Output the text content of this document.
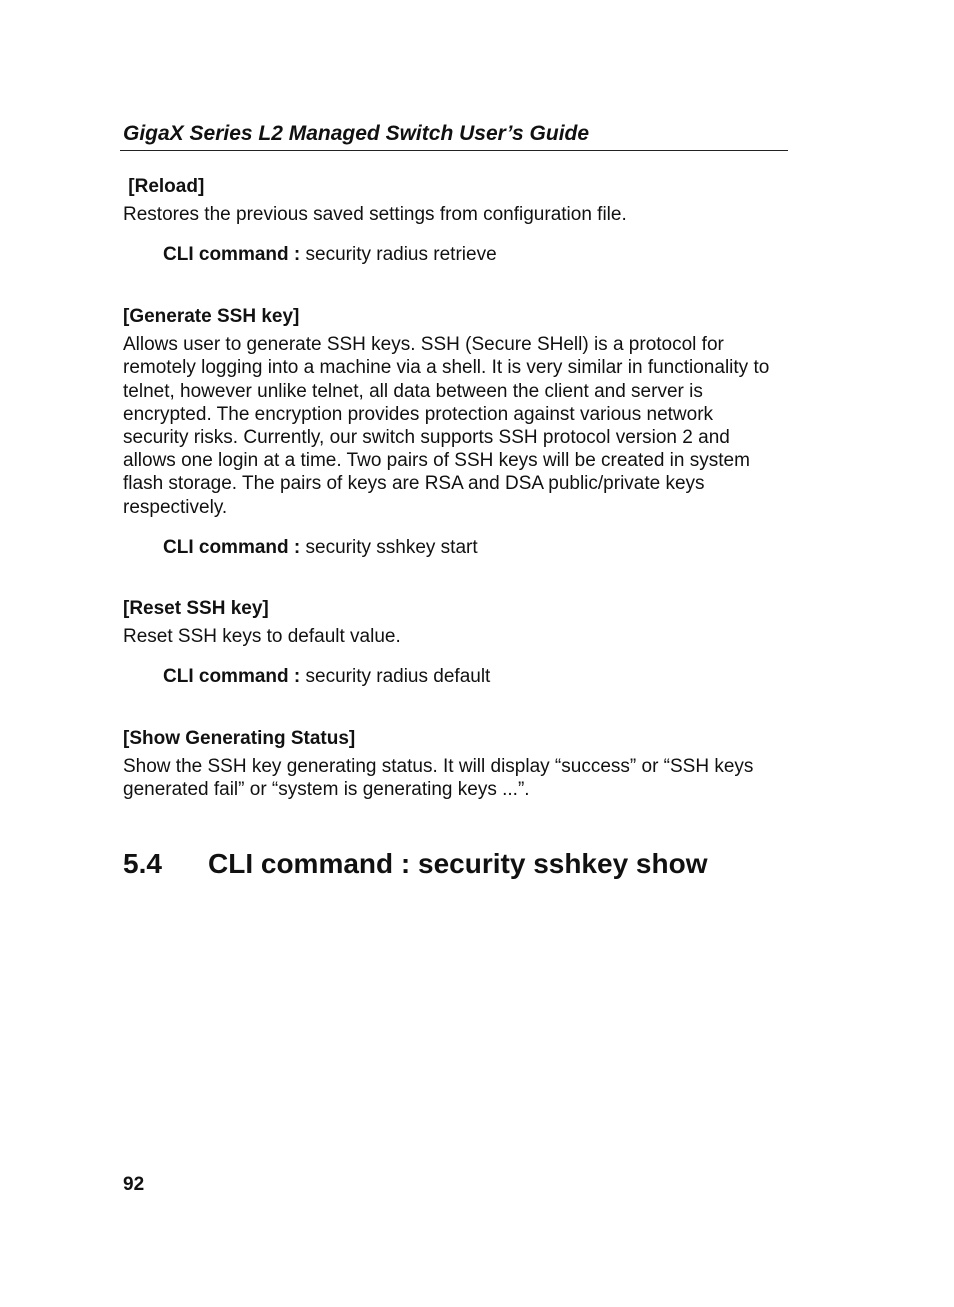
GigaX Series L2 Managed Switch User’s Guide

[Reload]

Restores the previous saved settings from configuration file.

CLI command : security radius retrieve

[Generate SSH key]

Allows user to generate SSH keys. SSH (Secure SHell) is a protocol for remotely logging into a machine via a shell. It is very similar in functionality to telnet, however unlike telnet, all data between the client and server is encrypted. The encryption provides protection against various network security risks. Currently, our switch supports SSH protocol version 2 and allows one login at a time. Two pairs of SSH keys will be created in system flash storage. The pairs of keys are RSA and DSA public/private keys respectively.

CLI command : security sshkey start

[Reset SSH key]

Reset SSH keys to default value.

CLI command : security radius default

[Show Generating Status]

Show the SSH key generating status. It will display “success” or “SSH keys generated fail” or “system is generating keys ...”.

5.4 CLI command : security sshkey show

92
